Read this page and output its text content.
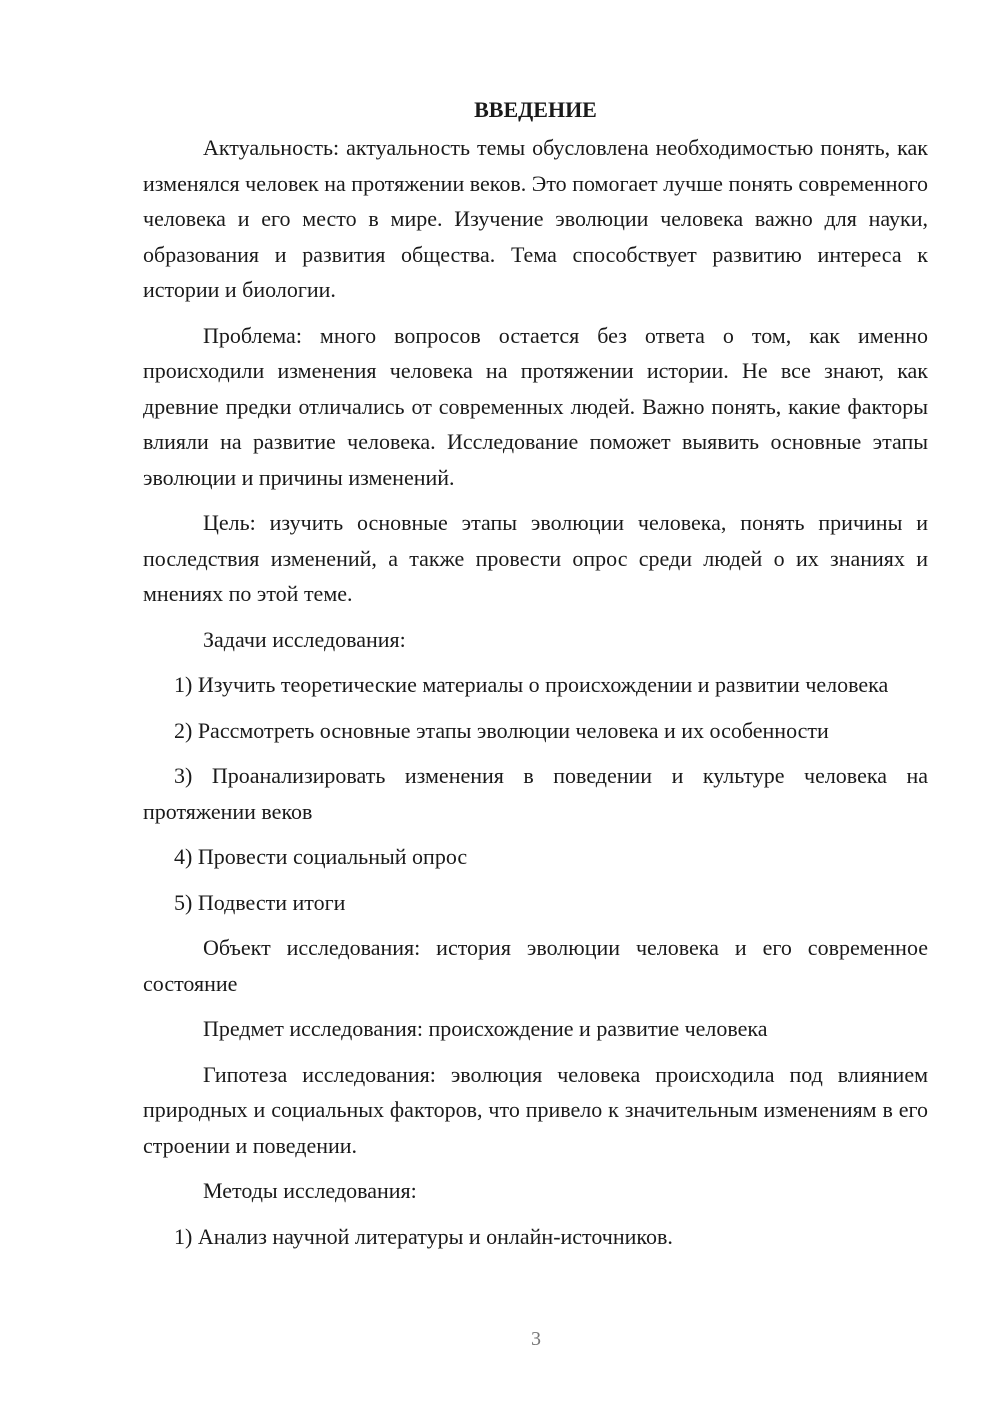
ВВЕДЕНИЕ

Актуальность: актуальность темы обусловлена необходимостью понять, как изменялся человек на протяжении веков. Это помогает лучше понять современного человека и его место в мире. Изучение эволюции человека важно для науки, образования и развития общества. Тема способствует развитию интереса к истории и биологии.

Проблема: много вопросов остается без ответа о том, как именно происходили изменения человека на протяжении истории. Не все знают, как древние предки отличались от современных людей. Важно понять, какие факторы влияли на развитие человека. Исследование поможет выявить основные этапы эволюции и причины изменений.

Цель: изучить основные этапы эволюции человека, понять причины и последствия изменений, а также провести опрос среди людей о их знаниях и мнениях по этой теме.

Задачи исследования:

1) Изучить теоретические материалы о происхождении и развитии человека

2) Рассмотреть основные этапы эволюции человека и их особенности

3) Проанализировать изменения в поведении и культуре человека на протяжении веков

4) Провести социальный опрос

5) Подвести итоги

Объект исследования: история эволюции человека и его современное состояние

Предмет исследования: происхождение и развитие человека

Гипотеза исследования: эволюция человека происходила под влиянием природных и социальных факторов, что привело к значительным изменениям в его строении и поведении.

Методы исследования:

1) Анализ научной литературы и онлайн-источников.

3
